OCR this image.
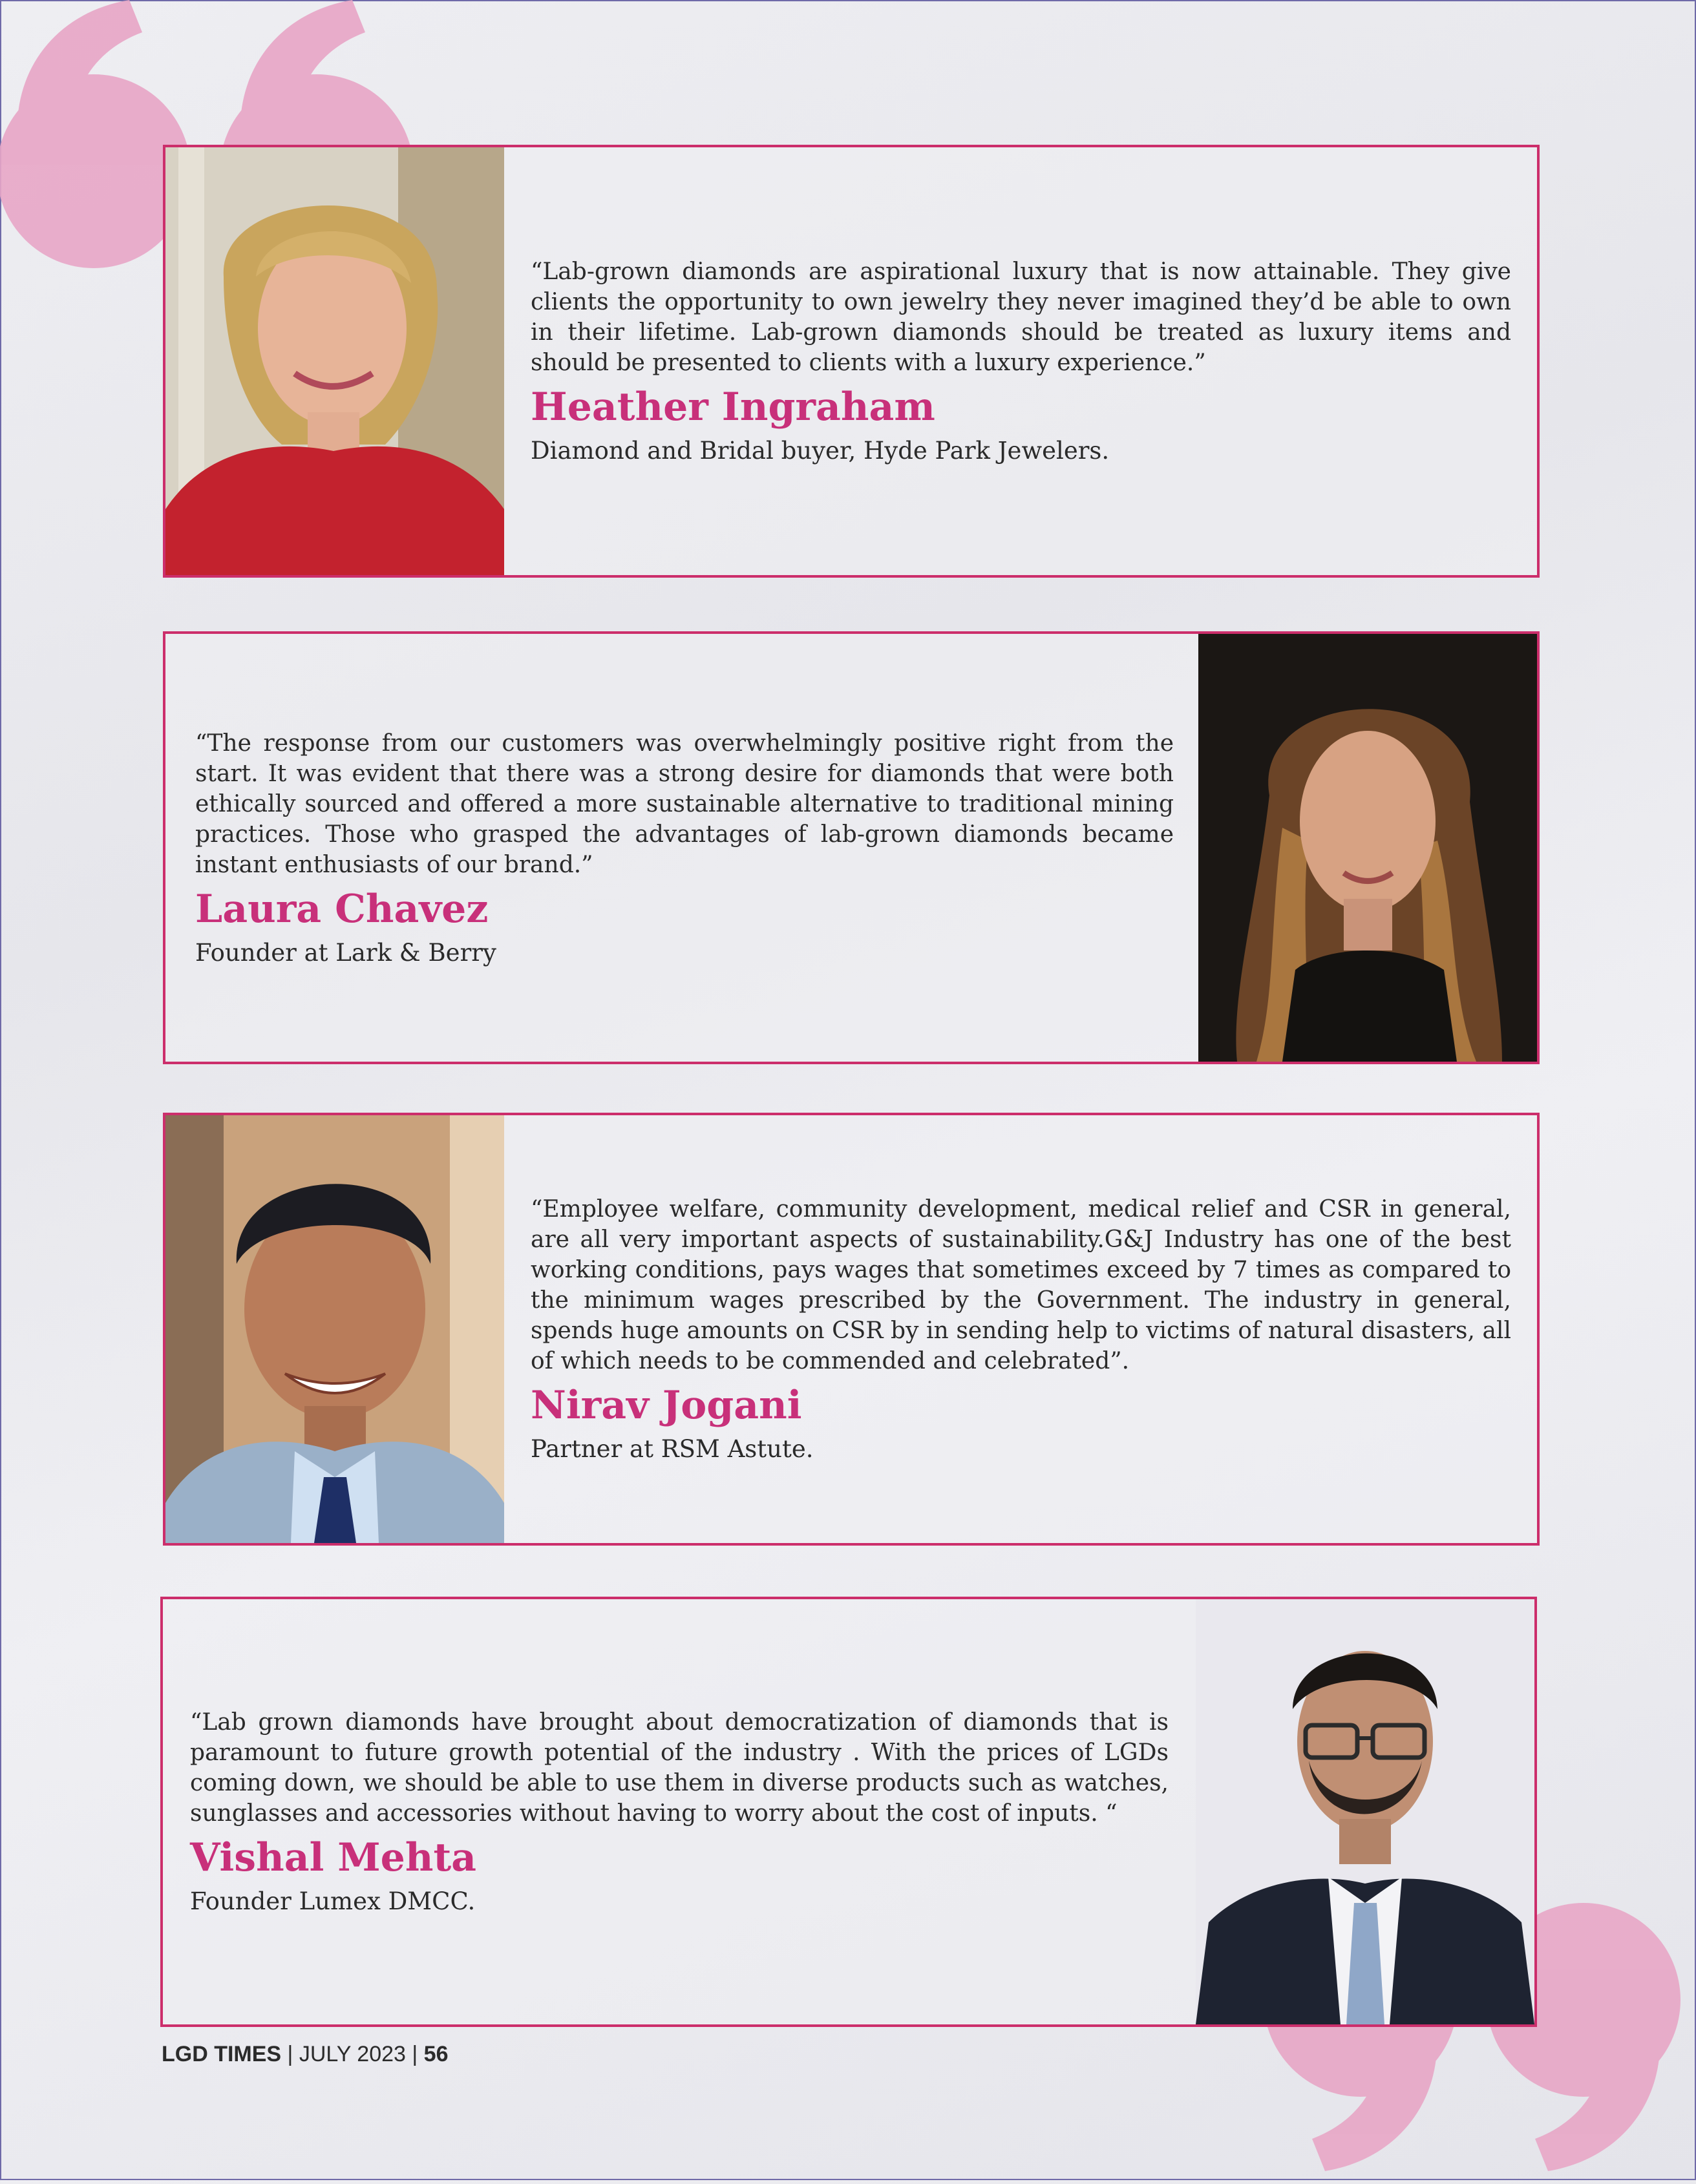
“Lab-grown diamonds are aspirational luxury that is now attainable. They give clients the opportunity to own jewelry they never imagined they’d be able to own in their lifetime. Lab-grown diamonds should be treated as luxury items and should be presented to clients with a luxury experience.”

Heather Ingraham

Diamond and Bridal buyer, Hyde Park Jewelers.

“The response from our customers was overwhelmingly positive right from the start. It was evident that there was a strong desire for diamonds that were both ethically sourced and offered a more sustainable alternative to traditional mining practices. Those who grasped the advantages of lab-grown diamonds became instant enthusiasts of our brand.”

Laura Chavez

Founder at Lark & Berry

“Employee welfare, community development, medical relief and CSR in general, are all very important aspects of sustainability.G&J Industry has one of the best working conditions, pays wages that sometimes exceed by 7 times as compared to the minimum wages prescribed by the Government. The industry in general, spends huge amounts on CSR by in sending help to victims of natural disasters, all of which needs to be commended and celebrated”.

Nirav Jogani

Partner at RSM Astute.

“Lab grown diamonds have brought about democratization of diamonds that is paramount to future growth potential of the industry . With the prices of LGDs coming down, we should be able to use them in diverse products such as watches, sunglasses and accessories without having to worry about the cost of inputs. “

Vishal Mehta

Founder Lumex DMCC.

LGD TIMES | JULY 2023 | 56
